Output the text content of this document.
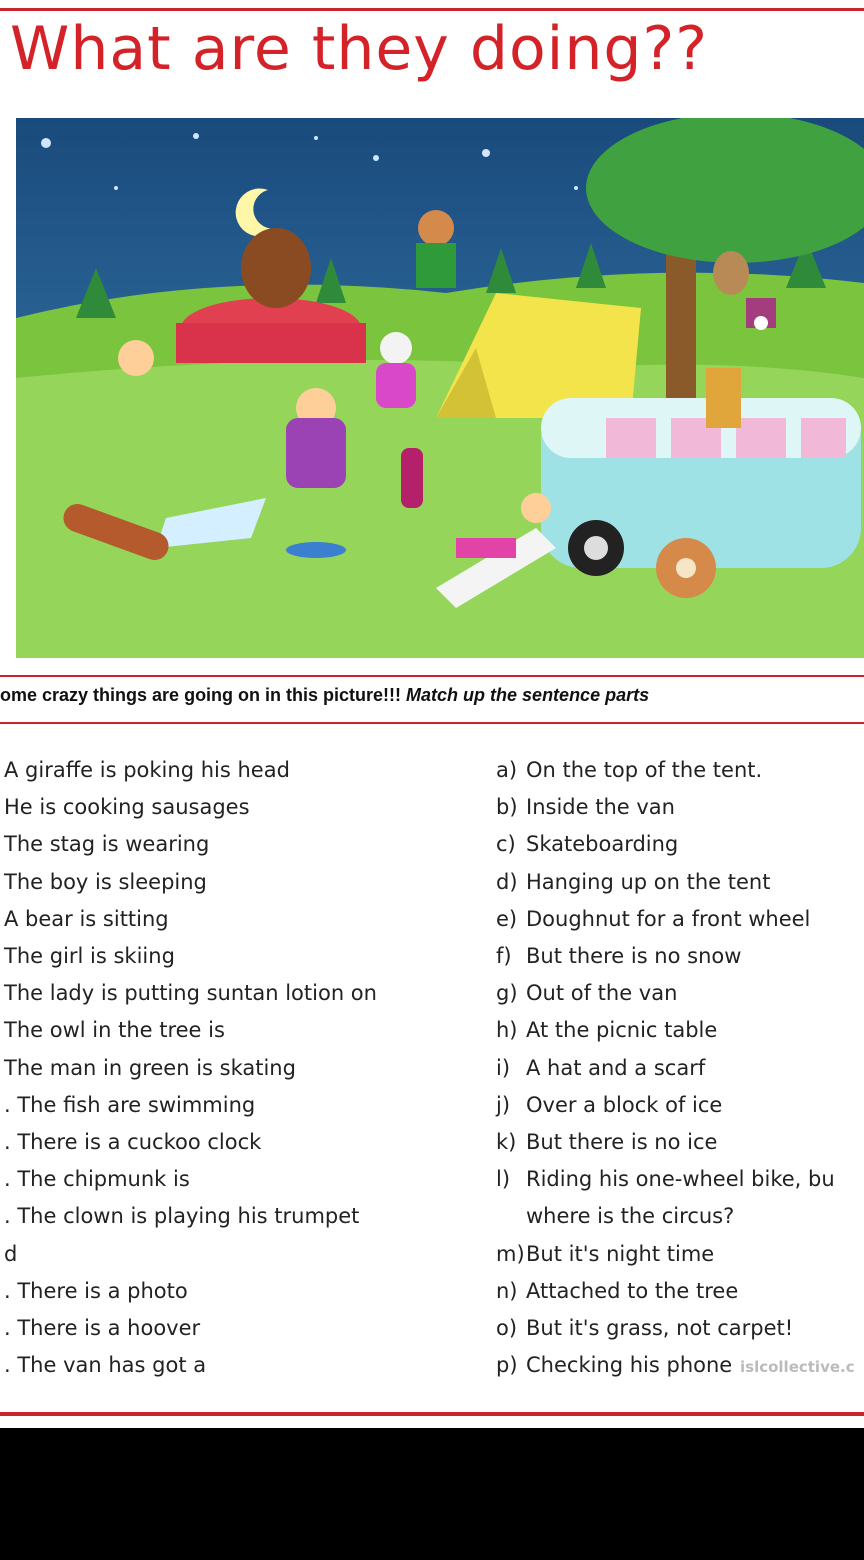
What are they doing??
ome crazy things are going on in this picture!!! Match up the sentence parts
A giraffe is poking his head
He is cooking sausages
The stag is wearing
The boy is sleeping
A bear is sitting
The girl is skiing
The lady is putting suntan lotion on
The owl in the tree is
The man in green is skating
. The fish are swimming
. There is a cuckoo clock
. The chipmunk is
. The clown is playing his trumpet
d
. There is a photo
. There is a hoover
. The van has got a
a) On the top of the tent.
b) Inside the van
c) Skateboarding
d) Hanging up on the tent
e) Doughnut for a front wheel
f) But there is no snow
g) Out of the van
h) At the picnic table
i) A hat and a scarf
j) Over a block of ice
k) But there is no ice
l) Riding his one-wheel bike, bu
where is the circus?
m)But it's night time
n) Attached to the tree
o) But it's grass, not carpet!
p) Checking his phone islcollective.c
